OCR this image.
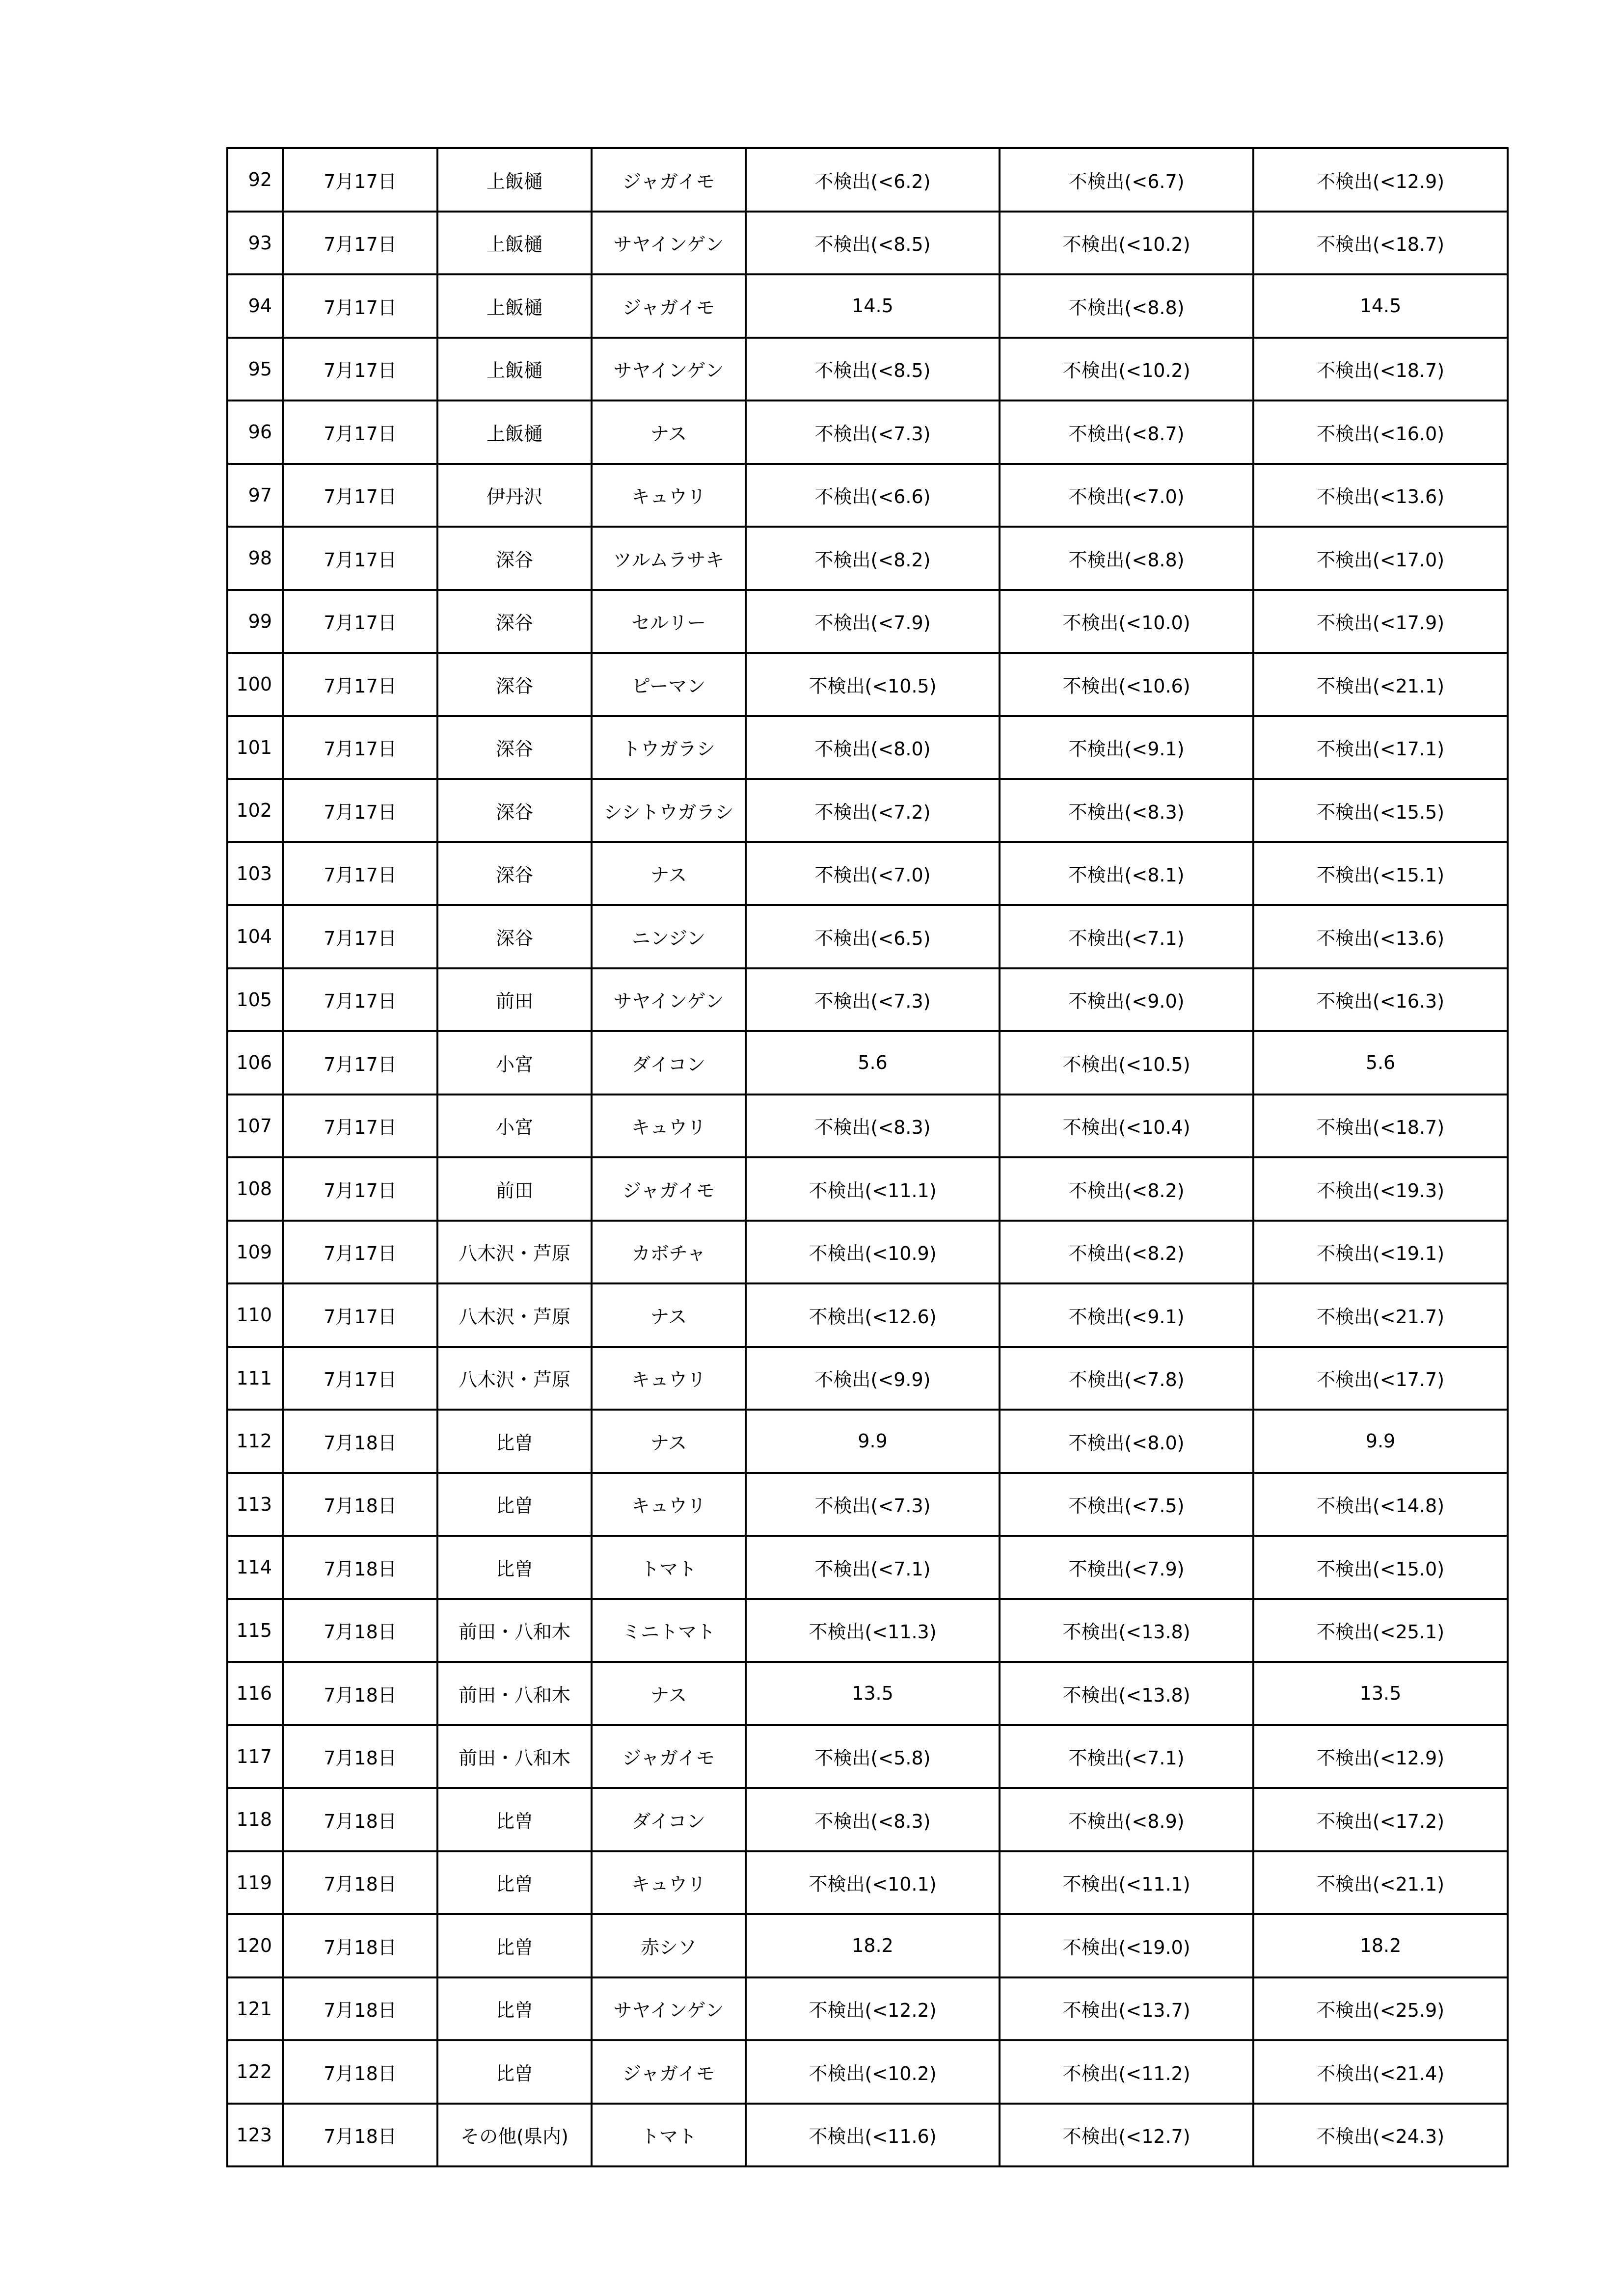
92	7月17日	上飯樋	ジャガイモ	不検出(<6.2)	不検出(<6.7)	不検出(<12.9)
93	7月17日	上飯樋	サヤインゲン	不検出(<8.5)	不検出(<10.2)	不検出(<18.7)
94	7月17日	上飯樋	ジャガイモ	14.5	不検出(<8.8)	14.5
95	7月17日	上飯樋	サヤインゲン	不検出(<8.5)	不検出(<10.2)	不検出(<18.7)
96	7月17日	上飯樋	ナス	不検出(<7.3)	不検出(<8.7)	不検出(<16.0)
97	7月17日	伊丹沢	キュウリ	不検出(<6.6)	不検出(<7.0)	不検出(<13.6)
98	7月17日	深谷	ツルムラサキ	不検出(<8.2)	不検出(<8.8)	不検出(<17.0)
99	7月17日	深谷	セルリー	不検出(<7.9)	不検出(<10.0)	不検出(<17.9)
100	7月17日	深谷	ピーマン	不検出(<10.5)	不検出(<10.6)	不検出(<21.1)
101	7月17日	深谷	トウガラシ	不検出(<8.0)	不検出(<9.1)	不検出(<17.1)
102	7月17日	深谷	シシトウガラシ	不検出(<7.2)	不検出(<8.3)	不検出(<15.5)
103	7月17日	深谷	ナス	不検出(<7.0)	不検出(<8.1)	不検出(<15.1)
104	7月17日	深谷	ニンジン	不検出(<6.5)	不検出(<7.1)	不検出(<13.6)
105	7月17日	前田	サヤインゲン	不検出(<7.3)	不検出(<9.0)	不検出(<16.3)
106	7月17日	小宮	ダイコン	5.6	不検出(<10.5)	5.6
107	7月17日	小宮	キュウリ	不検出(<8.3)	不検出(<10.4)	不検出(<18.7)
108	7月17日	前田	ジャガイモ	不検出(<11.1)	不検出(<8.2)	不検出(<19.3)
109	7月17日	八木沢・芦原	カボチャ	不検出(<10.9)	不検出(<8.2)	不検出(<19.1)
110	7月17日	八木沢・芦原	ナス	不検出(<12.6)	不検出(<9.1)	不検出(<21.7)
111	7月17日	八木沢・芦原	キュウリ	不検出(<9.9)	不検出(<7.8)	不検出(<17.7)
112	7月18日	比曽	ナス	9.9	不検出(<8.0)	9.9
113	7月18日	比曽	キュウリ	不検出(<7.3)	不検出(<7.5)	不検出(<14.8)
114	7月18日	比曽	トマト	不検出(<7.1)	不検出(<7.9)	不検出(<15.0)
115	7月18日	前田・八和木	ミニトマト	不検出(<11.3)	不検出(<13.8)	不検出(<25.1)
116	7月18日	前田・八和木	ナス	13.5	不検出(<13.8)	13.5
117	7月18日	前田・八和木	ジャガイモ	不検出(<5.8)	不検出(<7.1)	不検出(<12.9)
118	7月18日	比曽	ダイコン	不検出(<8.3)	不検出(<8.9)	不検出(<17.2)
119	7月18日	比曽	キュウリ	不検出(<10.1)	不検出(<11.1)	不検出(<21.1)
120	7月18日	比曽	赤シソ	18.2	不検出(<19.0)	18.2
121	7月18日	比曽	サヤインゲン	不検出(<12.2)	不検出(<13.7)	不検出(<25.9)
122	7月18日	比曽	ジャガイモ	不検出(<10.2)	不検出(<11.2)	不検出(<21.4)
123	7月18日	その他(県内)	トマト	不検出(<11.6)	不検出(<12.7)	不検出(<24.3)
